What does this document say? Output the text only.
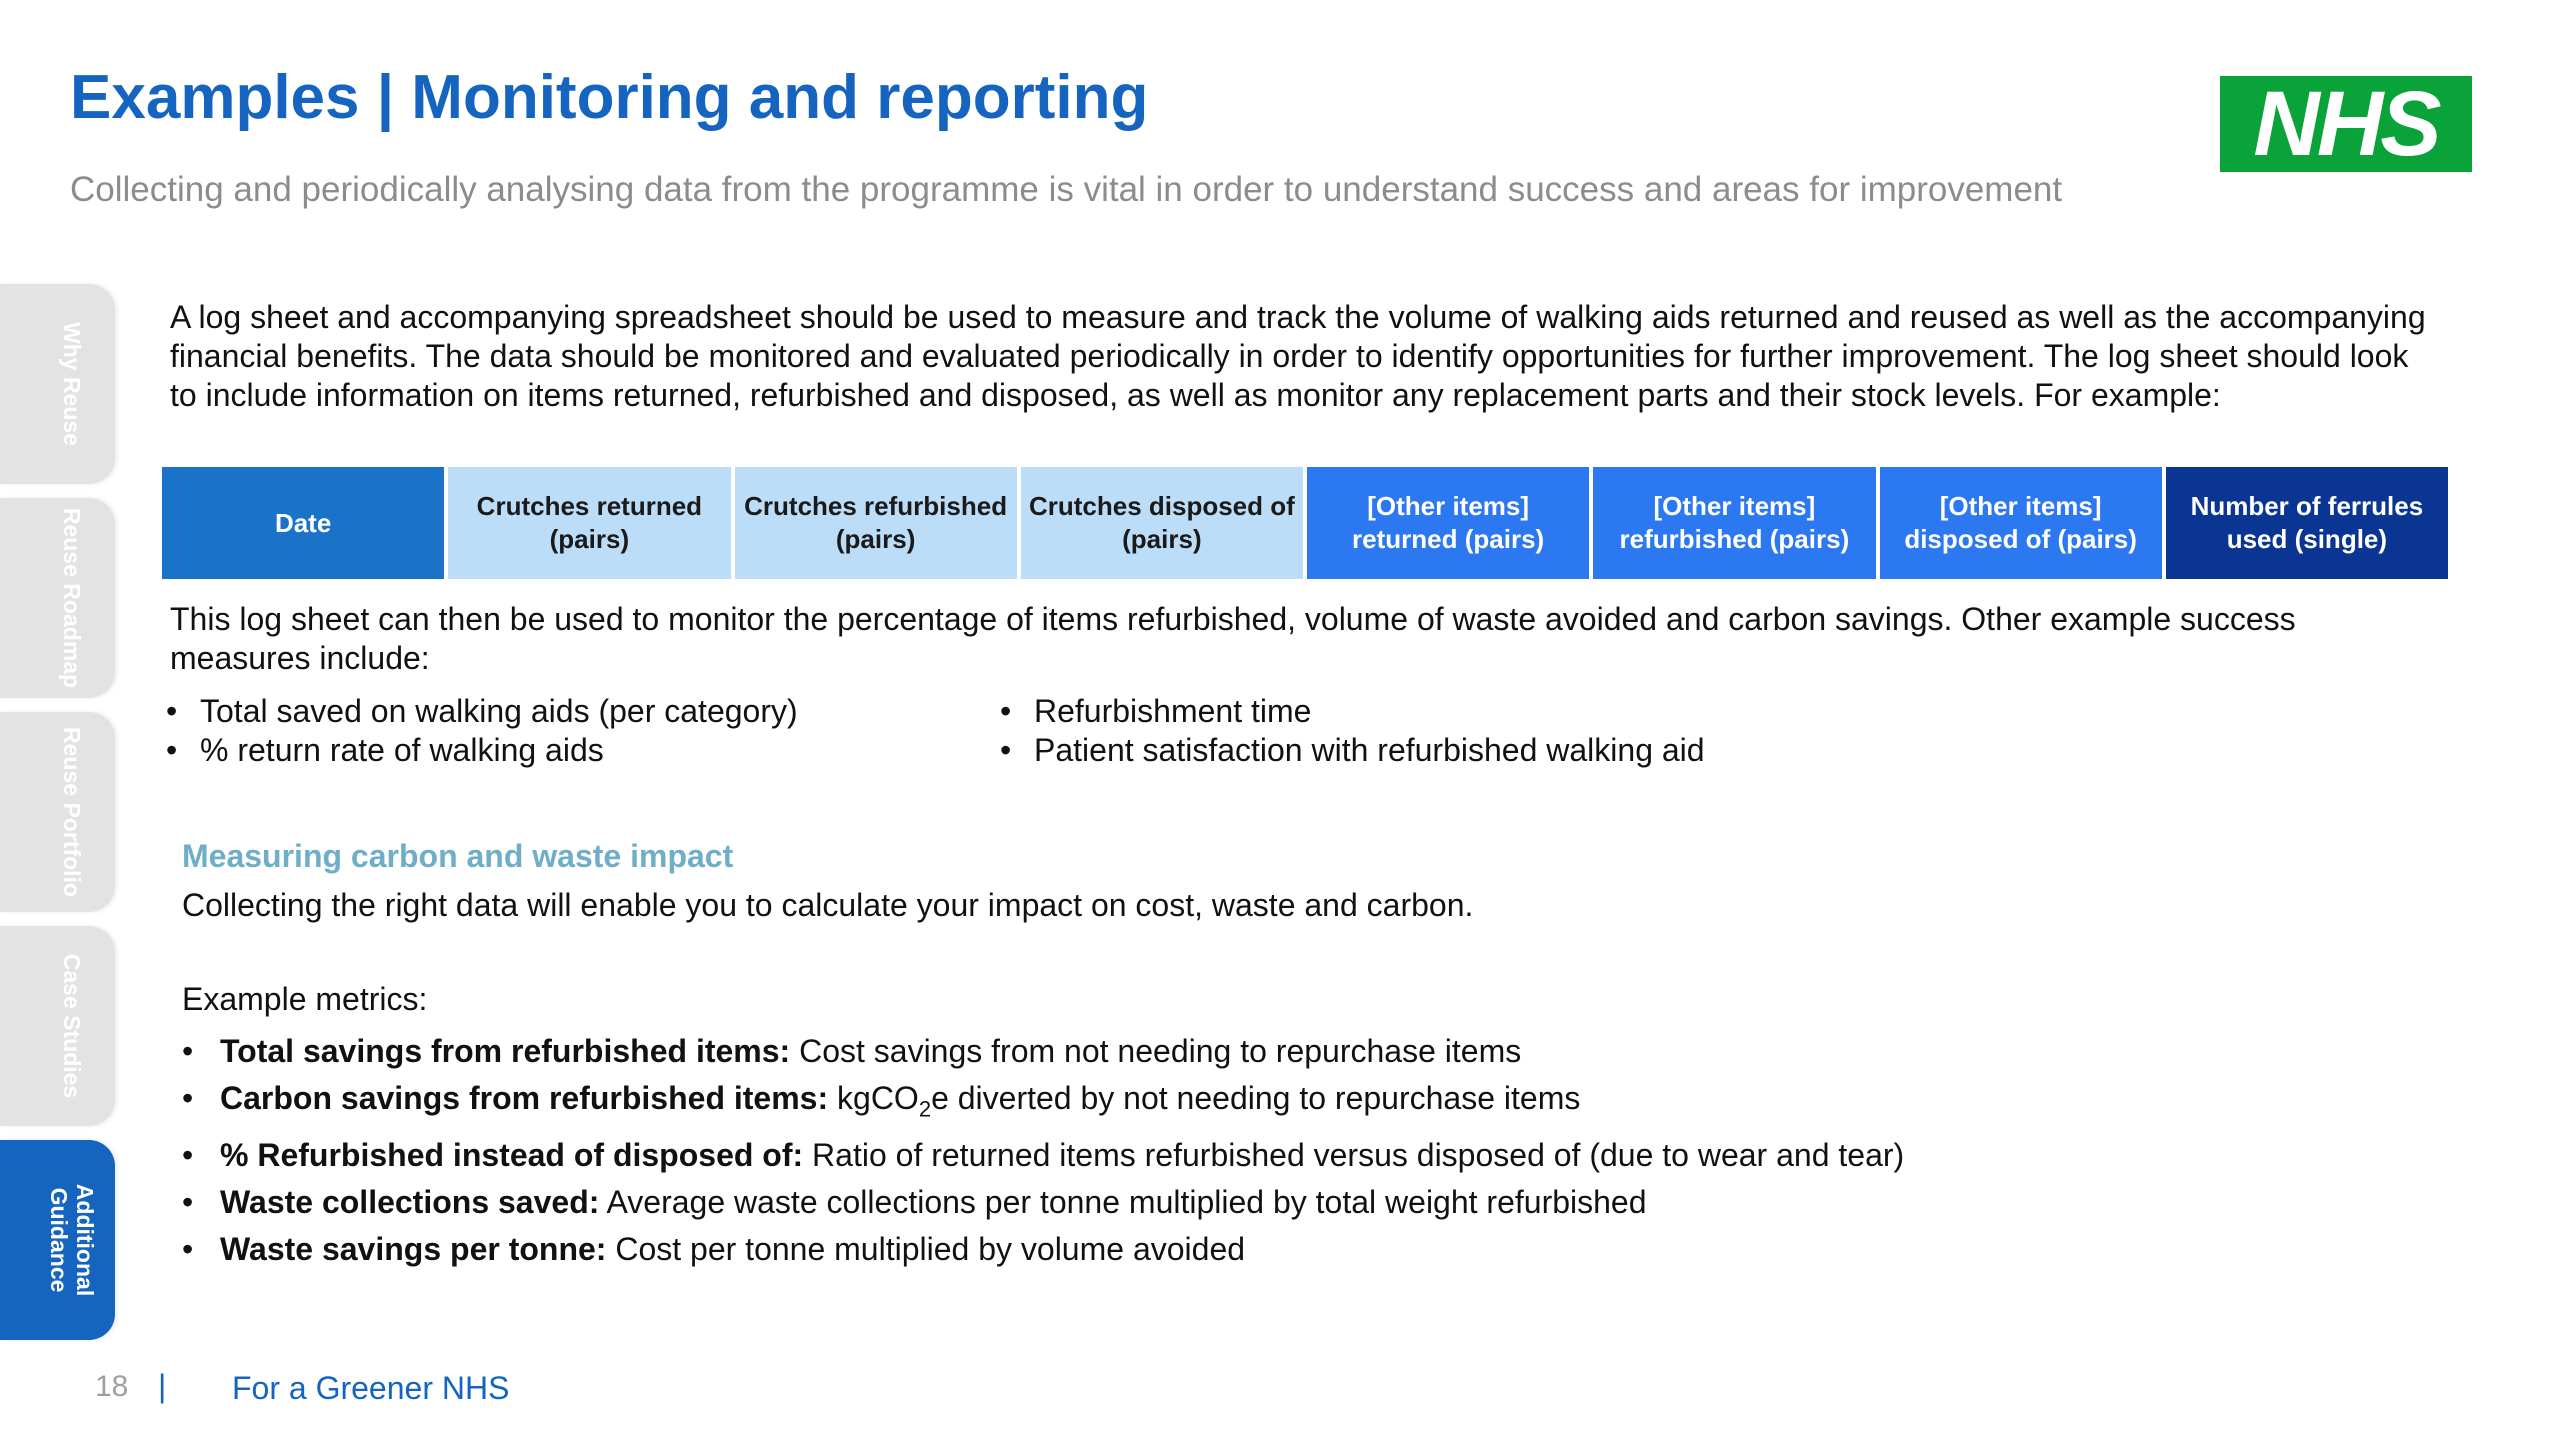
Examples | Monitoring and reporting
Collecting and periodically analysing data from the programme is vital in order to understand success and areas for improvement
NHS
Why Reuse
Reuse Roadmap
Reuse Portfolio
Case Studies
Additional Guidance
A log sheet and accompanying spreadsheet should be used to measure and track the volume of walking aids returned and reused as well as the accompanying financial benefits. The data should be monitored and evaluated periodically in order to identify opportunities for further improvement. The log sheet should look to include information on items returned, refurbished and disposed, as well as monitor any replacement parts and their stock levels. For example:
Date
Crutches returned (pairs)
Crutches refurbished (pairs)
Crutches disposed of (pairs)
[Other items] returned (pairs)
[Other items] refurbished (pairs)
[Other items] disposed of (pairs)
Number of ferrules used (single)
This log sheet can then be used to monitor the percentage of items refurbished, volume of waste avoided and carbon savings. Other example success measures include:
• Total saved on walking aids (per category)
• % return rate of walking aids
• Refurbishment time
• Patient satisfaction with refurbished walking aid
Measuring carbon and waste impact
Collecting the right data will enable you to calculate your impact on cost, waste and carbon.
Example metrics:
• Total savings from refurbished items: Cost savings from not needing to repurchase items
• Carbon savings from refurbished items: kgCO$_2$e diverted by not needing to repurchase items
• % Refurbished instead of disposed of: Ratio of returned items refurbished versus disposed of (due to wear and tear)
• Waste collections saved: Average waste collections per tonne multiplied by total weight refurbished
• Waste savings per tonne: Cost per tonne multiplied by volume avoided
18 | For a Greener NHS
